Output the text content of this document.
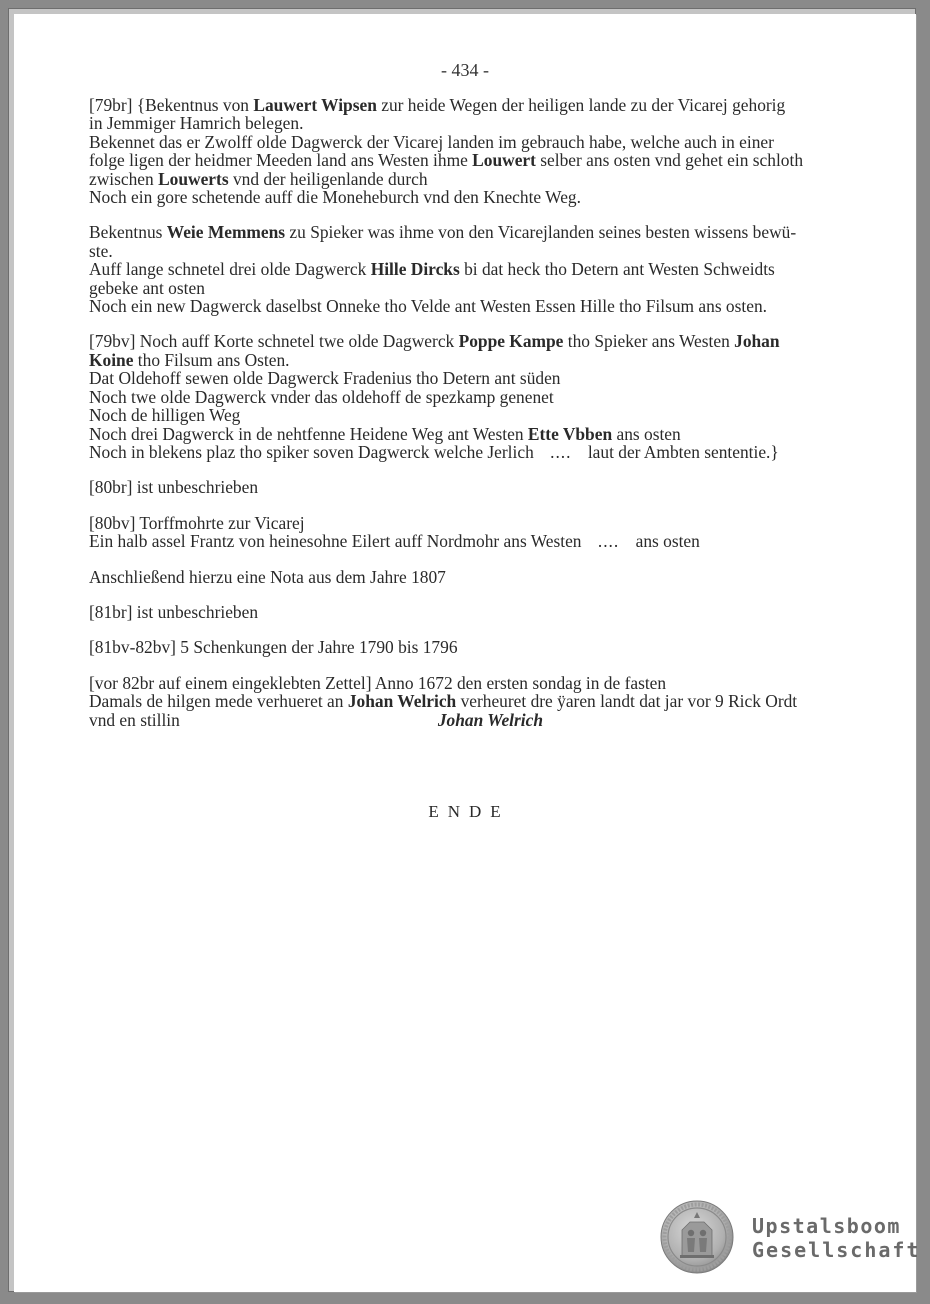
- 434 -

[79br] {Bekentnus von Lauwert Wipsen zur heide Wegen der heiligen lande zu der Vicarej gehorig
in Jemmiger Hamrich belegen.
Bekennet das er Zwolff olde Dagwerck der Vicarej landen im gebrauch habe, welche auch in einer
folge ligen der heidmer Meeden land ans Westen ihme Louwert selber ans osten vnd gehet ein schloth
zwischen Louwerts vnd der heiligenlande durch
Noch ein gore schetende auff die Moneheburch vnd den Knechte Weg.

Bekentnus Weie Memmens zu Spieker was ihme von den Vicarejlanden seines besten wissens bewü-
ste.
Auff lange schnetel drei olde Dagwerck Hille Dircks bi dat heck tho Detern ant Westen Schweidts
gebeke ant osten
Noch ein new Dagwerck daselbst Onneke tho Velde ant Westen Essen Hille tho Filsum ans osten.

[79bv] Noch auff Korte schnetel twe olde Dagwerck Poppe Kampe tho Spieker ans Westen Johan
Koine tho Filsum ans Osten.
Dat Oldehoff sewen olde Dagwerck Fradenius tho Detern ant süden
Noch twe olde Dagwerck vnder das oldehoff de spezkamp genenet
Noch de hilligen Weg
Noch drei Dagwerck in de nehtfenne Heidene Weg ant Westen Ette Vbben ans osten
Noch in blekens plaz tho spiker soven Dagwerck welche Jerlich .... laut der Ambten sententie.}

[80br] ist unbeschrieben

[80bv] Torffmohrte zur Vicarej
Ein halb assel Frantz von heinesohne Eilert auff Nordmohr ans Westen .... ans osten

Anschließend hierzu eine Nota aus dem Jahre 1807

[81br] ist unbeschrieben

[81bv-82bv] 5 Schenkungen der Jahre 1790 bis 1796

[vor 82br auf einem eingeklebten Zettel] Anno 1672 den ersten sondag in de fasten
Damals de hilgen mede verhueret an Johan Welrich verheuret dre ÿaren landt dat jar vor 9 Rick Ordt
vnd en stillin	Johan Welrich

ENDE
Upstalsboom
Gesellschaft
